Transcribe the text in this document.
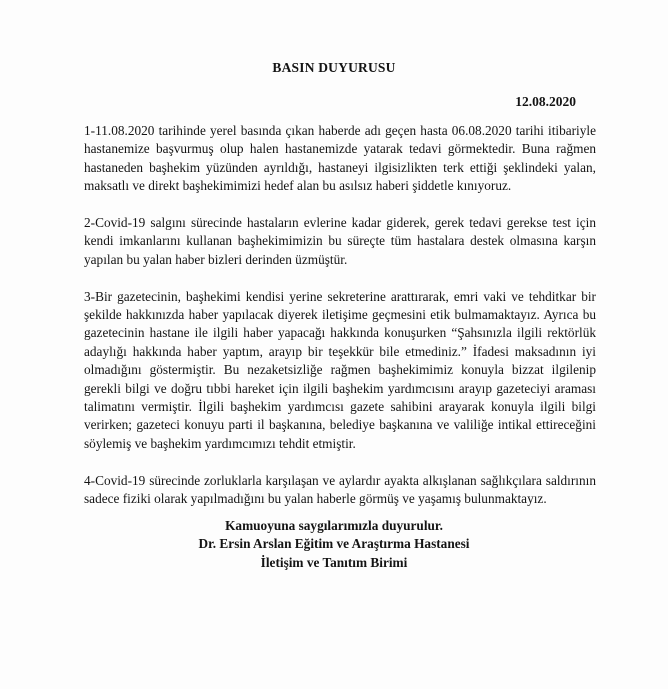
BASIN DUYURUSU
12.08.2020

1-11.08.2020 tarihinde yerel basında çıkan haberde adı geçen hasta 06.08.2020 tarihi itibariyle hastanemize başvurmuş olup halen hastanemizde yatarak tedavi görmektedir. Buna rağmen hastaneden başhekim yüzünden ayrıldığı, hastaneyi ilgisizlikten terk ettiği şeklindeki yalan, maksatlı ve direkt başhekimimizi hedef alan bu asılsız haberi şiddetle kınıyoruz.

2-Covid-19 salgını sürecinde hastaların evlerine kadar giderek, gerek tedavi gerekse test için kendi imkanlarını kullanan başhekimimizin bu süreçte tüm hastalara destek olmasına karşın yapılan bu yalan haber bizleri derinden üzmüştür.

3-Bir gazetecinin, başhekimi kendisi yerine sekreterine arattırarak, emri vaki ve tehditkar bir şekilde hakkınızda haber yapılacak diyerek iletişime geçmesini etik bulmamaktayız. Ayrıca bu gazetecinin hastane ile ilgili haber yapacağı hakkında konuşurken “Şahsınızla ilgili rektörlük adaylığı hakkında haber yaptım, arayıp bir teşekkür bile etmediniz.” İfadesi maksadının iyi olmadığını göstermiştir. Bu nezaketsizliğe rağmen başhekimimiz konuyla bizzat ilgilenip gerekli bilgi ve doğru tıbbi hareket için ilgili başhekim yardımcısını arayıp gazeteciyi araması talimatını vermiştir. İlgili başhekim yardımcısı gazete sahibini arayarak konuyla ilgili bilgi verirken; gazeteci konuyu parti il başkanına, belediye başkanına ve valiliğe intikal ettireceğini söylemiş ve başhekim yardımcımızı tehdit etmiştir.

4-Covid-19 sürecinde zorluklarla karşılaşan ve aylardır ayakta alkışlanan sağlıkçılara saldırının sadece fiziki olarak yapılmadığını bu yalan haberle görmüş ve yaşamış bulunmaktayız.

Kamuoyuna saygılarımızla duyurulur.
Dr. Ersin Arslan Eğitim ve Araştırma Hastanesi
İletişim ve Tanıtım Birimi
